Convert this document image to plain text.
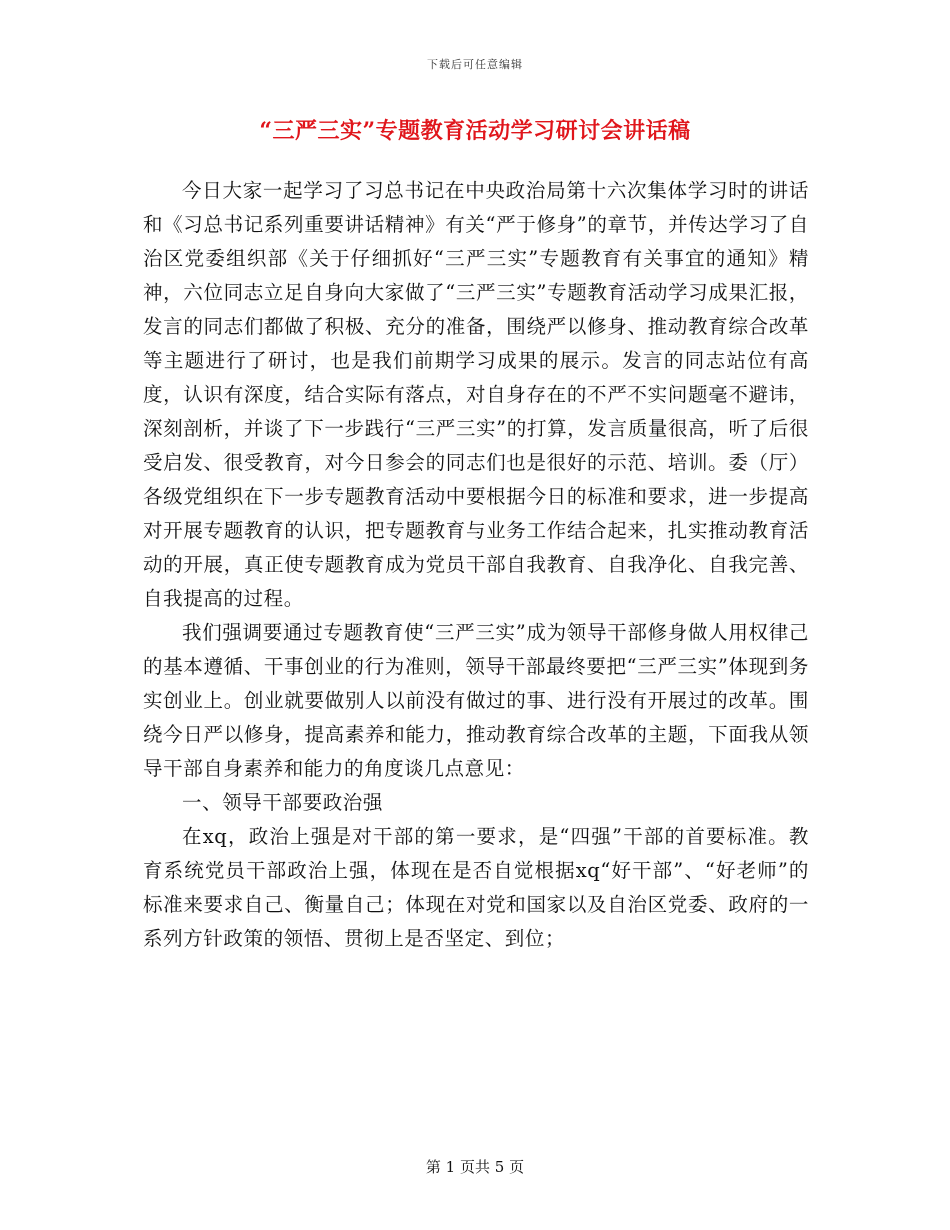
下载后可任意编辑
“三严三实”专题教育活动学习研讨会讲话稿

今日大家一起学习了习总书记在中央政治局第十六次集体学习时的讲话和《习总书记系列重要讲话精神》有关“严于修身”的章节，并传达学习了自治区党委组织部《关于仔细抓好“三严三实”专题教育有关事宜的通知》精神，六位同志立足自身向大家做了“三严三实”专题教育活动学习成果汇报，发言的同志们都做了积极、充分的准备，围绕严以修身、推动教育综合改革等主题进行了研讨，也是我们前期学习成果的展示。发言的同志站位有高度，认识有深度，结合实际有落点，对自身存在的不严不实问题毫不避讳，深刻剖析，并谈了下一步践行“三严三实”的打算，发言质量很高，听了后很受启发、很受教育，对今日参会的同志们也是很好的示范、培训。委（厅）各级党组织在下一步专题教育活动中要根据今日的标准和要求，进一步提高对开展专题教育的认识，把专题教育与业务工作结合起来，扎实推动教育活动的开展，真正使专题教育成为党员干部自我教育、自我净化、自我完善、自我提高的过程。

我们强调要通过专题教育使“三严三实”成为领导干部修身做人用权律己的基本遵循、干事创业的行为准则，领导干部最终要把“三严三实”体现到务实创业上。创业就要做别人以前没有做过的事、进行没有开展过的改革。围绕今日严以修身，提高素养和能力，推动教育综合改革的主题，下面我从领导干部自身素养和能力的角度谈几点意见：

一、领导干部要政治强

在xq，政治上强是对干部的第一要求，是“四强”干部的首要标准。教育系统党员干部政治上强，体现在是否自觉根据xq“好干部”、“好老师”的标准来要求自己、衡量自己；体现在对党和国家以及自治区党委、政府的一系列方针政策的领悟、贯彻上是否坚定、到位；

第 1 页共 5 页
